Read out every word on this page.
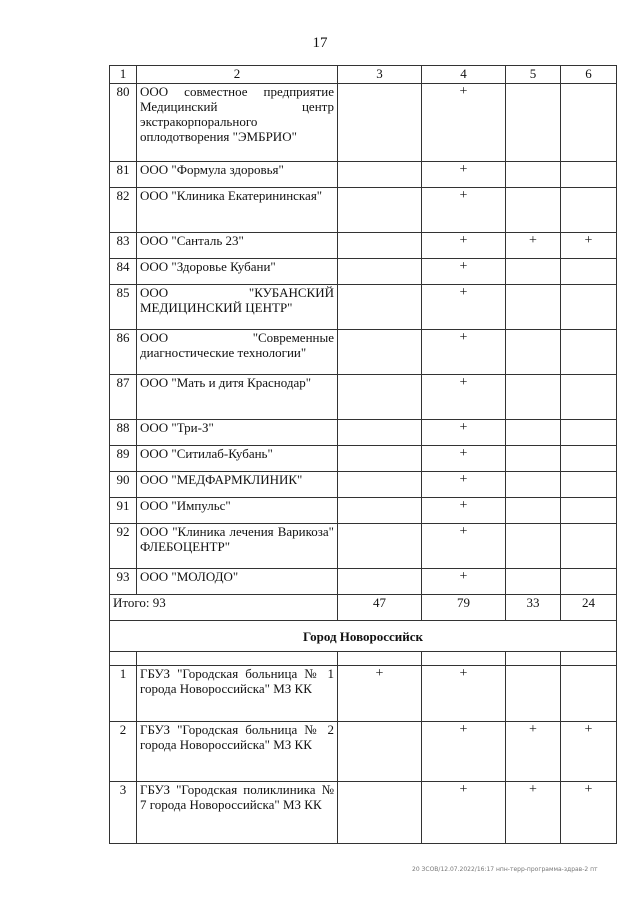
17
1	2	3	4	5	6
80	ООО совместное предприятие Медицинский центр экстракорпорального оплодотворения "ЭМБРИО"		+		
81	ООО "Формула здоровья"		+		
82	ООО "Клиника Екатерининская"		+		
83	ООО "Санталь 23"		+	+	+
84	ООО "Здоровье Кубани"		+		
85	ООО "КУБАНСКИЙ МЕДИЦИНСКИЙ ЦЕНТР"		+		
86	ООО "Современные диагностические технологии"		+		
87	ООО "Мать и дитя Краснодар"		+		
88	ООО "Три-З"		+		
89	ООО "Ситилаб-Кубань"		+		
90	ООО "МЕДФАРМКЛИНИК"		+		
91	ООО "Импульс"		+		
92	ООО "Клиника лечения Варикоза" ФЛЕБОЦЕНТР"		+		
93	ООО "МОЛОДО"		+		
Итого: 93		47	79	33	24
Город Новороссийск					

1	ГБУЗ "Городская больница № 1 города Новороссийска" МЗ КК	+	+		
2	ГБУЗ "Городская больница № 2 города Новороссийска" МЗ КК		+	+	+
3	ГБУЗ "Городская поликлиника № 7 города Новороссийска" МЗ КК		+	+	+
20 ЗСОВ/12.07.2022/16:17 нпн-терр-программа-здрав-2 пт
